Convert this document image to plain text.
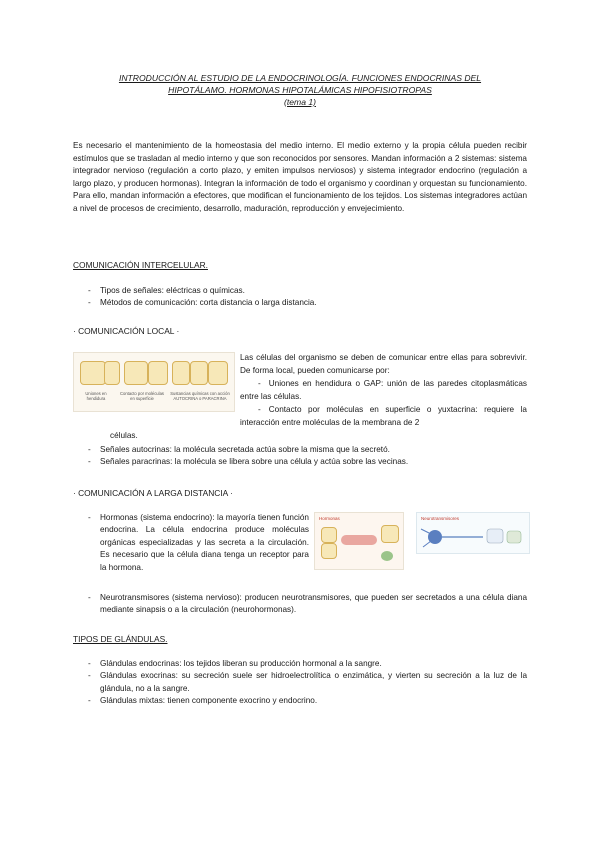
INTRODUCCIÓN AL ESTUDIO DE LA ENDOCRINOLOGÍA. FUNCIONES ENDOCRINAS DEL
HIPOTÁLAMO. HORMONAS HIPOTALÁMICAS HIPOFISIOTROPAS
(tema 1)
Es necesario el mantenimiento de la homeostasia del medio interno. El medio externo y la propia célula pueden recibir estímulos que se trasladan al medio interno y que son reconocidos por sensores. Mandan información a 2 sistemas: sistema integrador nervioso (regulación a corto plazo, y emiten impulsos nerviosos) y sistema integrador endocrino (regulación a largo plazo, y producen hormonas). Integran la información de todo el organismo y coordinan y orquestan su funcionamiento. Para ello, mandan información a efectores, que modifican el funcionamiento de los tejidos. Los sistemas integradores actúan a nivel de procesos de crecimiento, desarrollo, maduración, reproducción y envejecimiento.
COMUNICACIÓN INTERCELULAR.
- Tipos de señales: eléctricas o químicas.
- Métodos de comunicación: corta distancia o larga distancia.
· COMUNICACIÓN LOCAL ·
Uniones en hendidura
Contacto por moléculas en superficie
Sustancias químicas con acción AUTOCRINA o PARACRINA
Las células del organismo se deben de comunicar entre ellas para sobrevivir. De forma local, pueden comunicarse por:
- Uniones en hendidura o GAP: unión de las paredes citoplasmáticas entre las células.
- Contacto por moléculas en superficie o yuxtacrina: requiere la interacción entre moléculas de la membrana de 2
células.
- Señales autocrinas: la molécula secretada actúa sobre la misma que la secretó.
- Señales paracrinas: la molécula se libera sobre una célula y actúa sobre las vecinas.
· COMUNICACIÓN A LARGA DISTANCIA ·
- Hormonas (sistema endocrino): la mayoría tienen función endocrina. La célula endocrina produce moléculas orgánicas especializadas y las secreta a la circulación. Es necesario que la célula diana tenga un receptor para la hormona.
Hormonas	Neurotransmisores
- Neurotransmisores (sistema nervioso): producen neurotransmisores, que pueden ser secretados a una célula diana mediante sinapsis o a la circulación (neurohormonas).
TIPOS DE GLÁNDULAS.
- Glándulas endocrinas: los tejidos liberan su producción hormonal a la sangre.
- Glándulas exocrinas: su secreción suele ser hidroelectrolítica o enzimática, y vierten su secreción a la luz de la glándula, no a la sangre.
- Glándulas mixtas: tienen componente exocrino y endocrino.
